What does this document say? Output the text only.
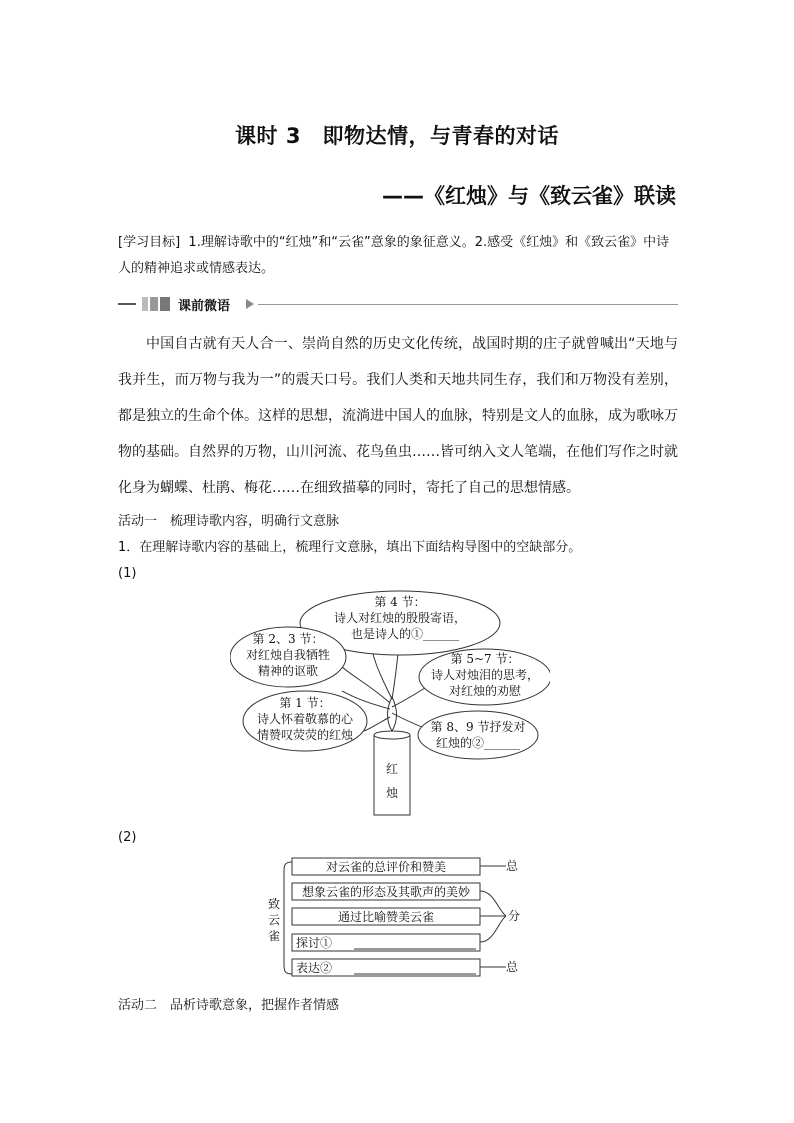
课时 3　即物达情，与青春的对话
——《红烛》与《致云雀》联读
[学习目标] 1.理解诗歌中的“红烛”和“云雀”意象的象征意义。2.感受《红烛》和《致云雀》中诗人的精神追求或情感表达。
课前微语
中国自古就有天人合一、崇尚自然的历史文化传统，战国时期的庄子就曾喊出“天地与我并生，而万物与我为一”的震天口号。我们人类和天地共同生存，我们和万物没有差别，都是独立的生命个体。这样的思想，流淌进中国人的血脉，特别是文人的血脉，成为歌咏万物的基础。自然界的万物，山川河流、花鸟鱼虫……皆可纳入文人笔端，在他们写作之时就化身为蝴蝶、杜鹃、梅花……在细致描摹的同时，寄托了自己的思想情感。
活动一　梳理诗歌内容，明确行文意脉
1．在理解诗歌内容的基础上，梳理行文意脉，填出下面结构导图中的空缺部分。
(1)
第 4 节：
诗人对红烛的殷殷寄语，
也是诗人的①______
第 2、3 节：
对红烛自我牺牲
精神的讴歌
第 5~7 节：
诗人对烛泪的思考，
对红烛的劝慰
第 1 节：
诗人怀着敬慕的心
情赞叹荧荧的红烛
第 8、9 节抒发对
红烛的②______
红
烛
(2)
致
云
雀
对云雀的总评价和赞美
想象云雀的形态及其歌声的美妙
通过比喻赞美云雀
探讨①
表达②
总
分
总
活动二　品析诗歌意象，把握作者情感
